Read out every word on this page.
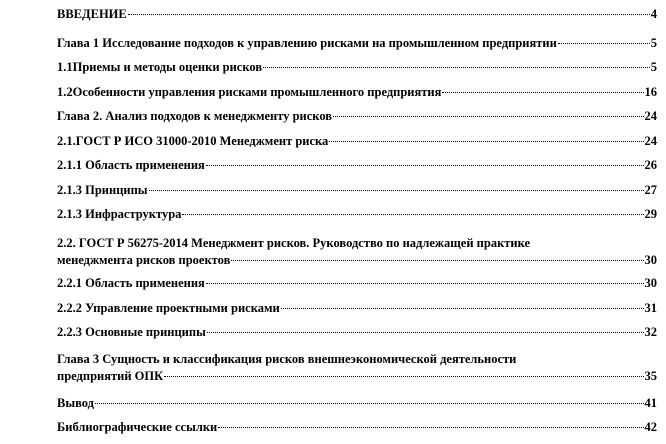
ВВЕДЕНИЕ	4
Глава 1 Исследование подходов к управлению рисками на промышленном предприятии	5
1.1Приемы и методы оценки рисков	5
1.2Особенности управления рисками промышленного предприятия	16
Глава 2. Анализ подходов к менеджменту рисков	24
2.1.ГОСТ Р ИСО 31000-2010 Менеджмент риска	24
2.1.1 Область применения	26
2.1.3 Принципы	27
2.1.3 Инфраструктура	29
2.2. ГОСТ Р 56275-2014 Менеджмент рисков. Руководство по надлежащей практике
менеджмента рисков проектов	30
2.2.1 Область применения	30
2.2.2 Управление проектными рисками	31
2.2.3 Основные принципы	32
Глава 3 Сущность и классификация рисков внешнеэкономической деятельности
предприятий ОПК	35
Вывод	41
Библиографические ссылки	42
